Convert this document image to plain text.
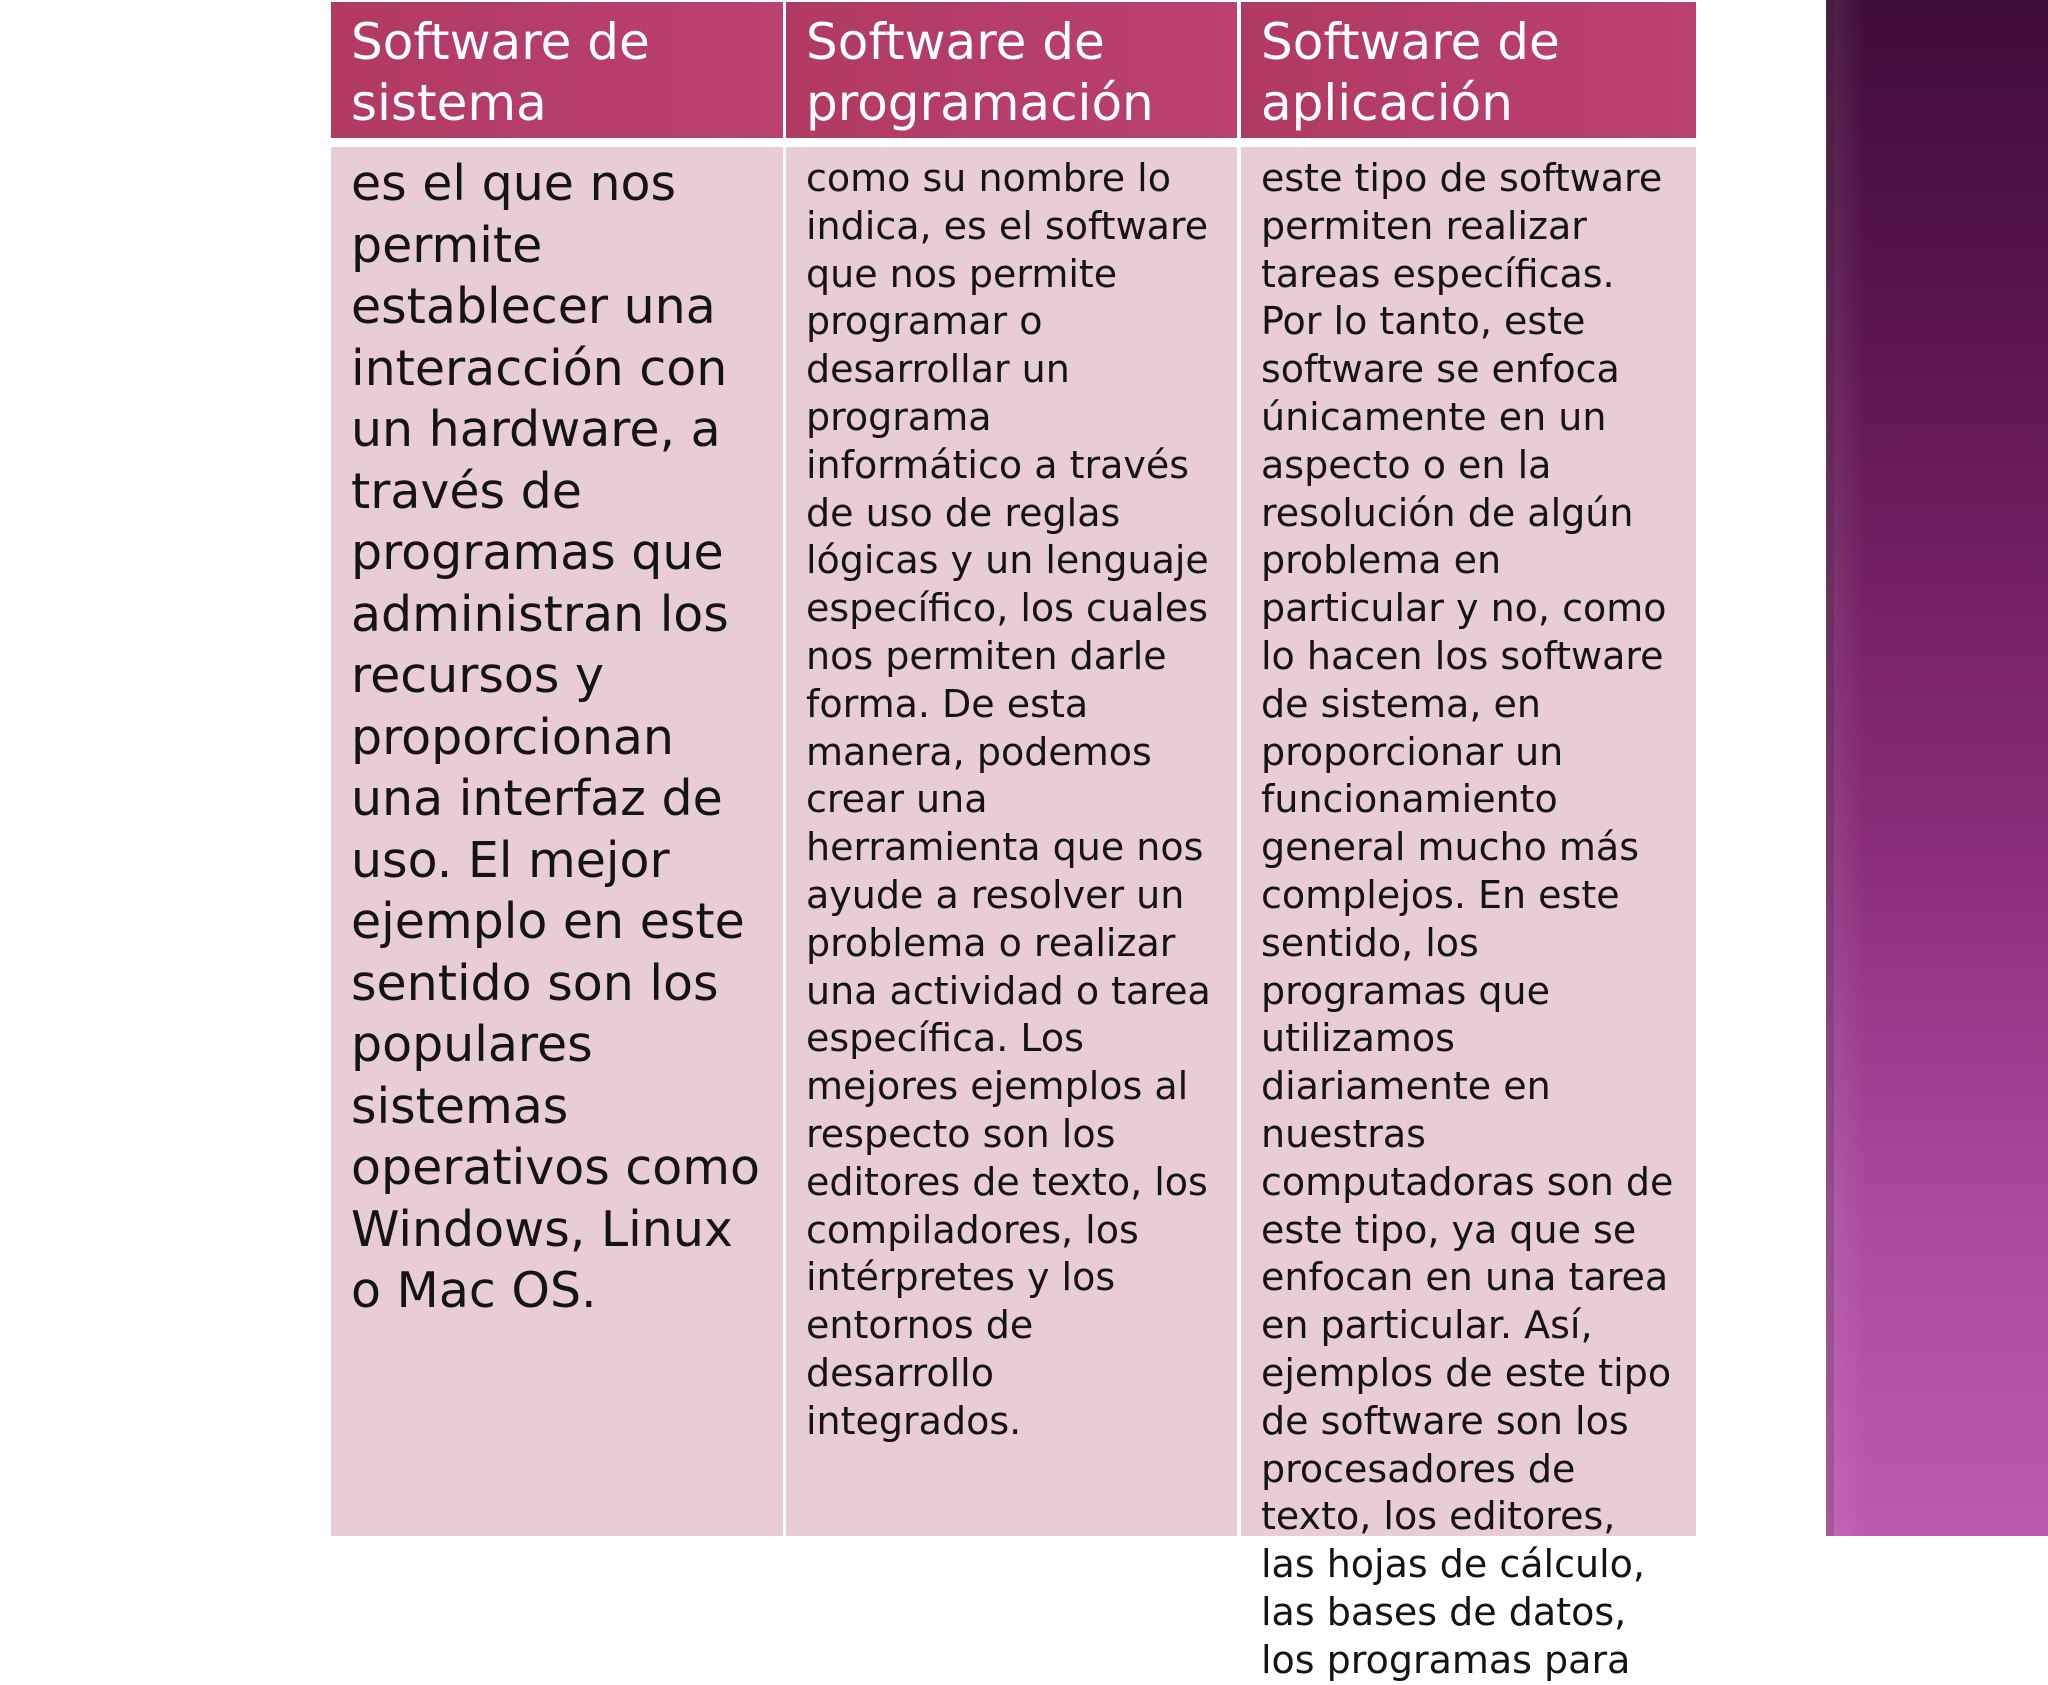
Software de sistema
Software de programación
Software de aplicación

es el que nos permite establecer una interacción con un hardware, a través de programas que administran los recursos y proporcionan una interfaz de uso. El mejor ejemplo en este sentido son los populares sistemas operativos como Windows, Linux o Mac OS.

como su nombre lo indica, es el software que nos permite programar o desarrollar un programa informático a través de uso de reglas lógicas y un lenguaje específico, los cuales nos permiten darle forma. De esta manera, podemos crear una herramienta que nos ayude a resolver un problema o realizar una actividad o tarea específica. Los mejores ejemplos al respecto son los editores de texto, los compiladores, los intérpretes y los entornos de desarrollo integrados.

este tipo de software permiten realizar tareas específicas. Por lo tanto, este software se enfoca únicamente en un aspecto o en la resolución de algún problema en particular y no, como lo hacen los software de sistema, en proporcionar un funcionamiento general mucho más complejos. En este sentido, los programas que utilizamos diariamente en nuestras computadoras son de este tipo, ya que se enfocan en una tarea en particular. Así, ejemplos de este tipo de software son los procesadores de texto, los editores, las hojas de cálculo, las bases de datos, los programas para
